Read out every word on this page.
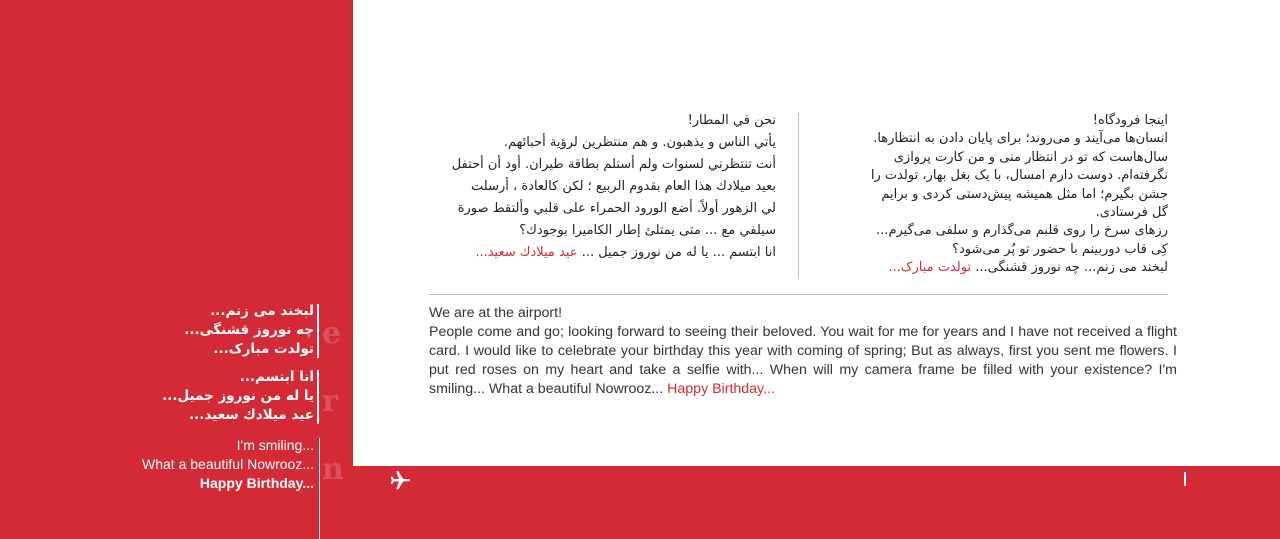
اینجا فرودگاه!
انسان‌ها می‌آیند و می‌روند؛ برای پایان دادن به انتظارها.
سال‌هاست که تو در انتظار منی و من کارت پروازی
نگرفته‌ام. دوست دارم امسال، با یک بغل بهار، تولدت را
جشن بگیرم؛ اما مثل همیشه پیش‌دستی کردی و برایم
گل فرستادی.
رزهای سرخ را روی قلبم می‌گذارم و سلفی می‌گیرم...
کِی قاب دوربینم با حضور تو پُر می‌شود؟
لبخند می زنم... چه نوروز قشنگی... تولدت مبارک...
نحن في المطار!
يأتي الناس و يذهبون. و هم منتظرين لرؤية أحبائهم.
أنت تنتظرني لسنوات ولم أستلم بطاقة طيران. أود أن أحتفل
بعيد ميلادك هذا العام بقدوم الربيع ؛ لكن كالعادة ، أرسلت
لي الزهور أولاً. أضع الورود الحمراء على قلبي وألتقط صورة
سيلفي مع ... متى يمتلئ إطار الكاميرا بوجودك؟
انا ابتسم ... يا له من نوروز جميل ... عيد ميلادك سعيد...
We are at the airport!
People come and go; looking forward to seeing their beloved. You wait for me for years and I have not received a flight card. I would like to celebrate your birthday this year with coming of spring; But as always, first you sent me flowers. I put red roses on my heart and take a selfie with... When will my camera frame be filled with your existence? I'm smiling... What a beautiful Nowrooz... Happy Birthday...
e
لبخند می زنم...
چه نوروز قشنگی...
تولدت مبارک...
r
انا ابتسم...
يا له من نوروز جميل...
عيد ميلادك سعيد...
n
I'm smiling...
What a beautiful Nowrooz...
Happy Birthday...
